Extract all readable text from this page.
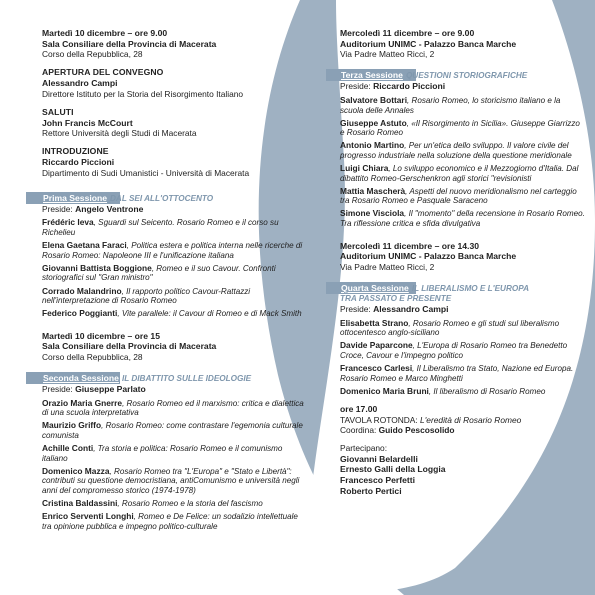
Martedì 10 dicembre – ore 9.00
Sala Consiliare della Provincia di Macerata
Corso della Repubblica, 28
APERTURA DEL CONVEGNO
Alessandro Campi
Direttore Istituto per la Storia del Risorgimento Italiano
SALUTI
John Francis McCourt
Rettore Università degli Studi di Macerata
INTRODUZIONE
Riccardo Piccioni
Dipartimento di Sudi Umanistici - Università di Macerata
Prima Sessione DAL SEI ALL'OTTOCENTO
Preside: Angelo Ventrone
Frédéric Ieva, Sguardi sul Seicento. Rosario Romeo e il corso su Richelieu
Elena Gaetana Faraci, Politica estera e politica interna nelle ricerche di Rosario Romeo: Napoleone III e l'unificazione italiana
Giovanni Battista Boggione, Romeo e il suo Cavour. Confronti storiografici sul "Gran ministro"
Corrado Malandrino, Il rapporto politico Cavour-Rattazzi nell'interpretazione di Rosario Romeo
Federico Poggianti, Vite parallele: il Cavour di Romeo e di Mack Smith
Martedì 10 dicembre – ore 15
Sala Consiliare della Provincia di Macerata
Corso della Repubblica, 28
Seconda Sessione IL DIBATTITO SULLE IDEOLOGIE
Preside: Giuseppe Parlato
Orazio Maria Gnerre, Rosario Romeo ed il marxismo: critica e dialettica di una scuola interpretativa
Maurizio Griffo, Rosario Romeo: come contrastare l'egemonia culturale comunista
Achille Conti, Tra storia e politica: Rosario Romeo e il comunismo italiano
Domenico Mazza, Rosario Romeo tra "L'Europa" e "Stato e Libertà": contributi su questione democristiana, antiComunismo e università negli anni del compromesso storico (1974-1978)
Cristina Baldassini, Rosario Romeo e la storia del fascismo
Enrico Serventi Longhi, Romeo e De Felice: un sodalizio intellettuale tra opinione pubblica e impegno politico-culturale
Mercoledì 11 dicembre – ore 9.00
Auditorium UNIMC - Palazzo Banca Marche
Via Padre Matteo Ricci, 2
Terza Sessione QUESTIONI STORIOGRAFICHE
Preside: Riccardo Piccioni
Salvatore Bottari, Rosario Romeo, lo storicismo italiano e la scuola delle Annales
Giuseppe Astuto, «Il Risorgimento in Sicilia». Giuseppe Giarrizzo e Rosario Romeo
Antonio Martino, Per un'etica dello sviluppo. Il valore civile del progresso industriale nella soluzione della questione meridionale
Luigi Chiara, Lo sviluppo economico e il Mezzogiorno d'Italia. Dal dibattito Romeo-Gerschenkron agli storici "revisionisti
Mattia Mascherà, Aspetti del nuovo meridionalismo nel carteggio tra Rosario Romeo e Pasquale Saraceno
Simone Visciola, Il "momento" della recensione in Rosario Romeo. Tra riflessione critica e sfida divulgativa
Mercoledì 11 dicembre – ore 14.30
Auditorium UNIMC - Palazzo Banca Marche
Via Padre Matteo Ricci, 2
Quarta Sessione IL LIBERALISMO E L'EUROPA
TRA PASSATO E PRESENTE
Preside: Alessandro Campi
Elisabetta Strano, Rosario Romeo e gli studi sul liberalismo ottocentesco anglo-siciliano
Davide Paparcone, L'Europa di Rosario Romeo tra Benedetto Croce, Cavour e l'impegno politico
Francesco Carlesi, Il Liberalismo tra Stato, Nazione ed Europa. Rosario Romeo e Marco Minghetti
Domenico Maria Bruni, Il liberalismo di Rosario Romeo
ore 17.00
TAVOLA ROTONDA: L'eredità di Rosario Romeo
Coordina: Guido Pescosolido
Partecipano:
Giovanni Belardelli
Ernesto Galli della Loggia
Francesco Perfetti
Roberto Pertici
